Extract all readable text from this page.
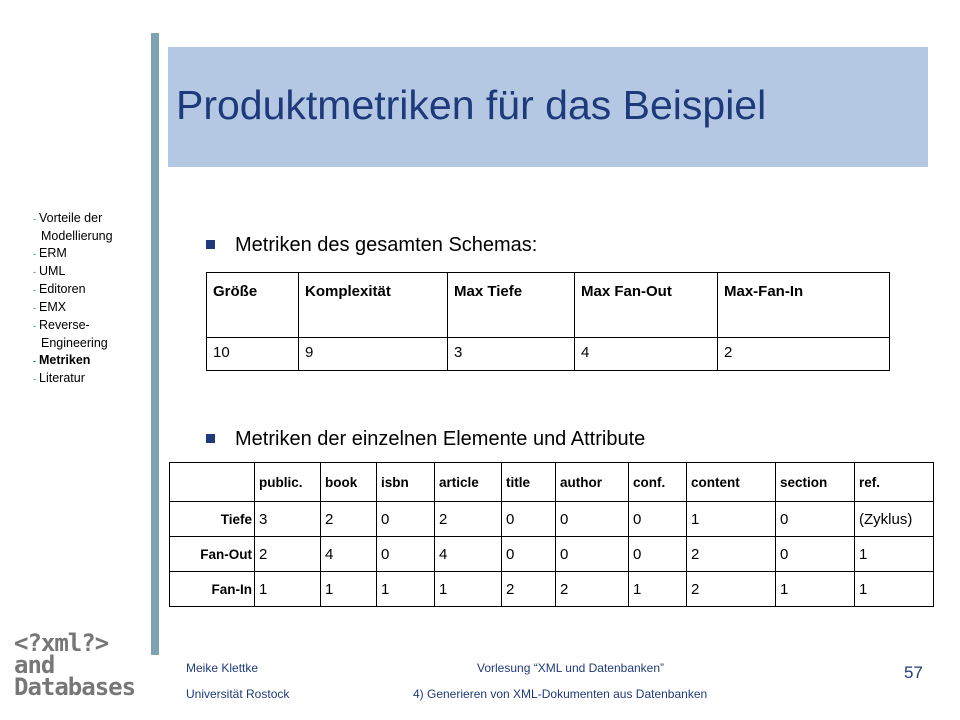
Produktmetriken für das Beispiel
- Vorteile der
Modellierung
- ERM
- UML
- Editoren
- EMX
- Reverse-
Engineering
- Metriken
- Literatur
Metriken des gesamten Schemas:
Größe	Komplexität	Max Tiefe	Max Fan-Out	Max-Fan-In
10	9	3	4	2
Metriken der einzelnen Elemente und Attribute
	public.	book	isbn	article	title	author	conf.	content	section	ref.
Tiefe	3	2	0	2	0	0	0	1	0	(Zyklus)
Fan-Out	2	4	0	4	0	0	0	2	0	1
Fan-In	1	1	1	1	2	2	1	2	1	1
<?xml?>
and
Databases
Meike Klettke
Universität Rostock
Vorlesung “XML und Datenbanken”
4) Generieren von XML-Dokumenten aus Datenbanken
57
